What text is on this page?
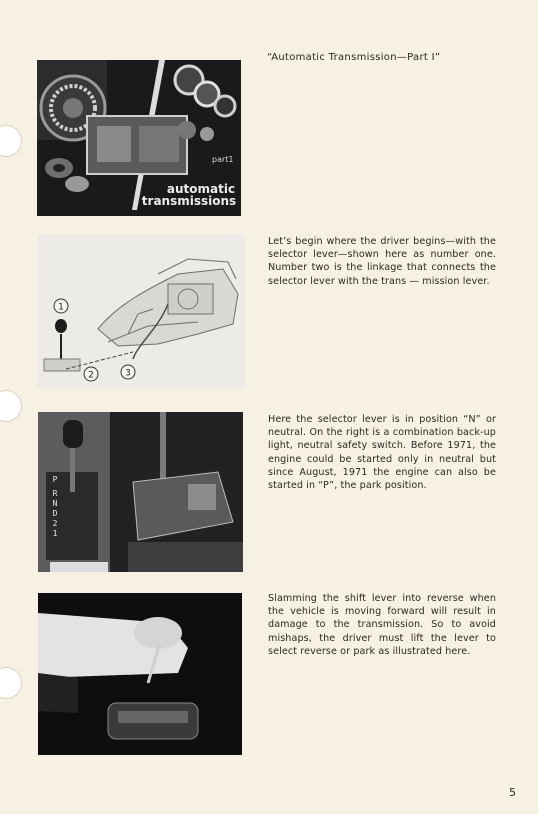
“Automatic Transmission—Part I”

part1
automatic
transmissions
1
2	3

Let’s begin where the driver begins—with the selector lever—shown here as number one. Number two is the linkage that connects the selector lever with the trans — mission lever.

P
R
N
D
2
1

Here the selector lever is in position “N” or neutral. On the right is a combination back-up light, neutral safety switch. Before 1971, the engine could be started only in neutral but since August, 1971 the engine can also be started in “P”, the park position.

Slamming the shift lever into reverse when the vehicle is moving forward will result in damage to the transmission. So to avoid mishaps, the driver must lift the lever to select reverse or park as illustrated here.

5
